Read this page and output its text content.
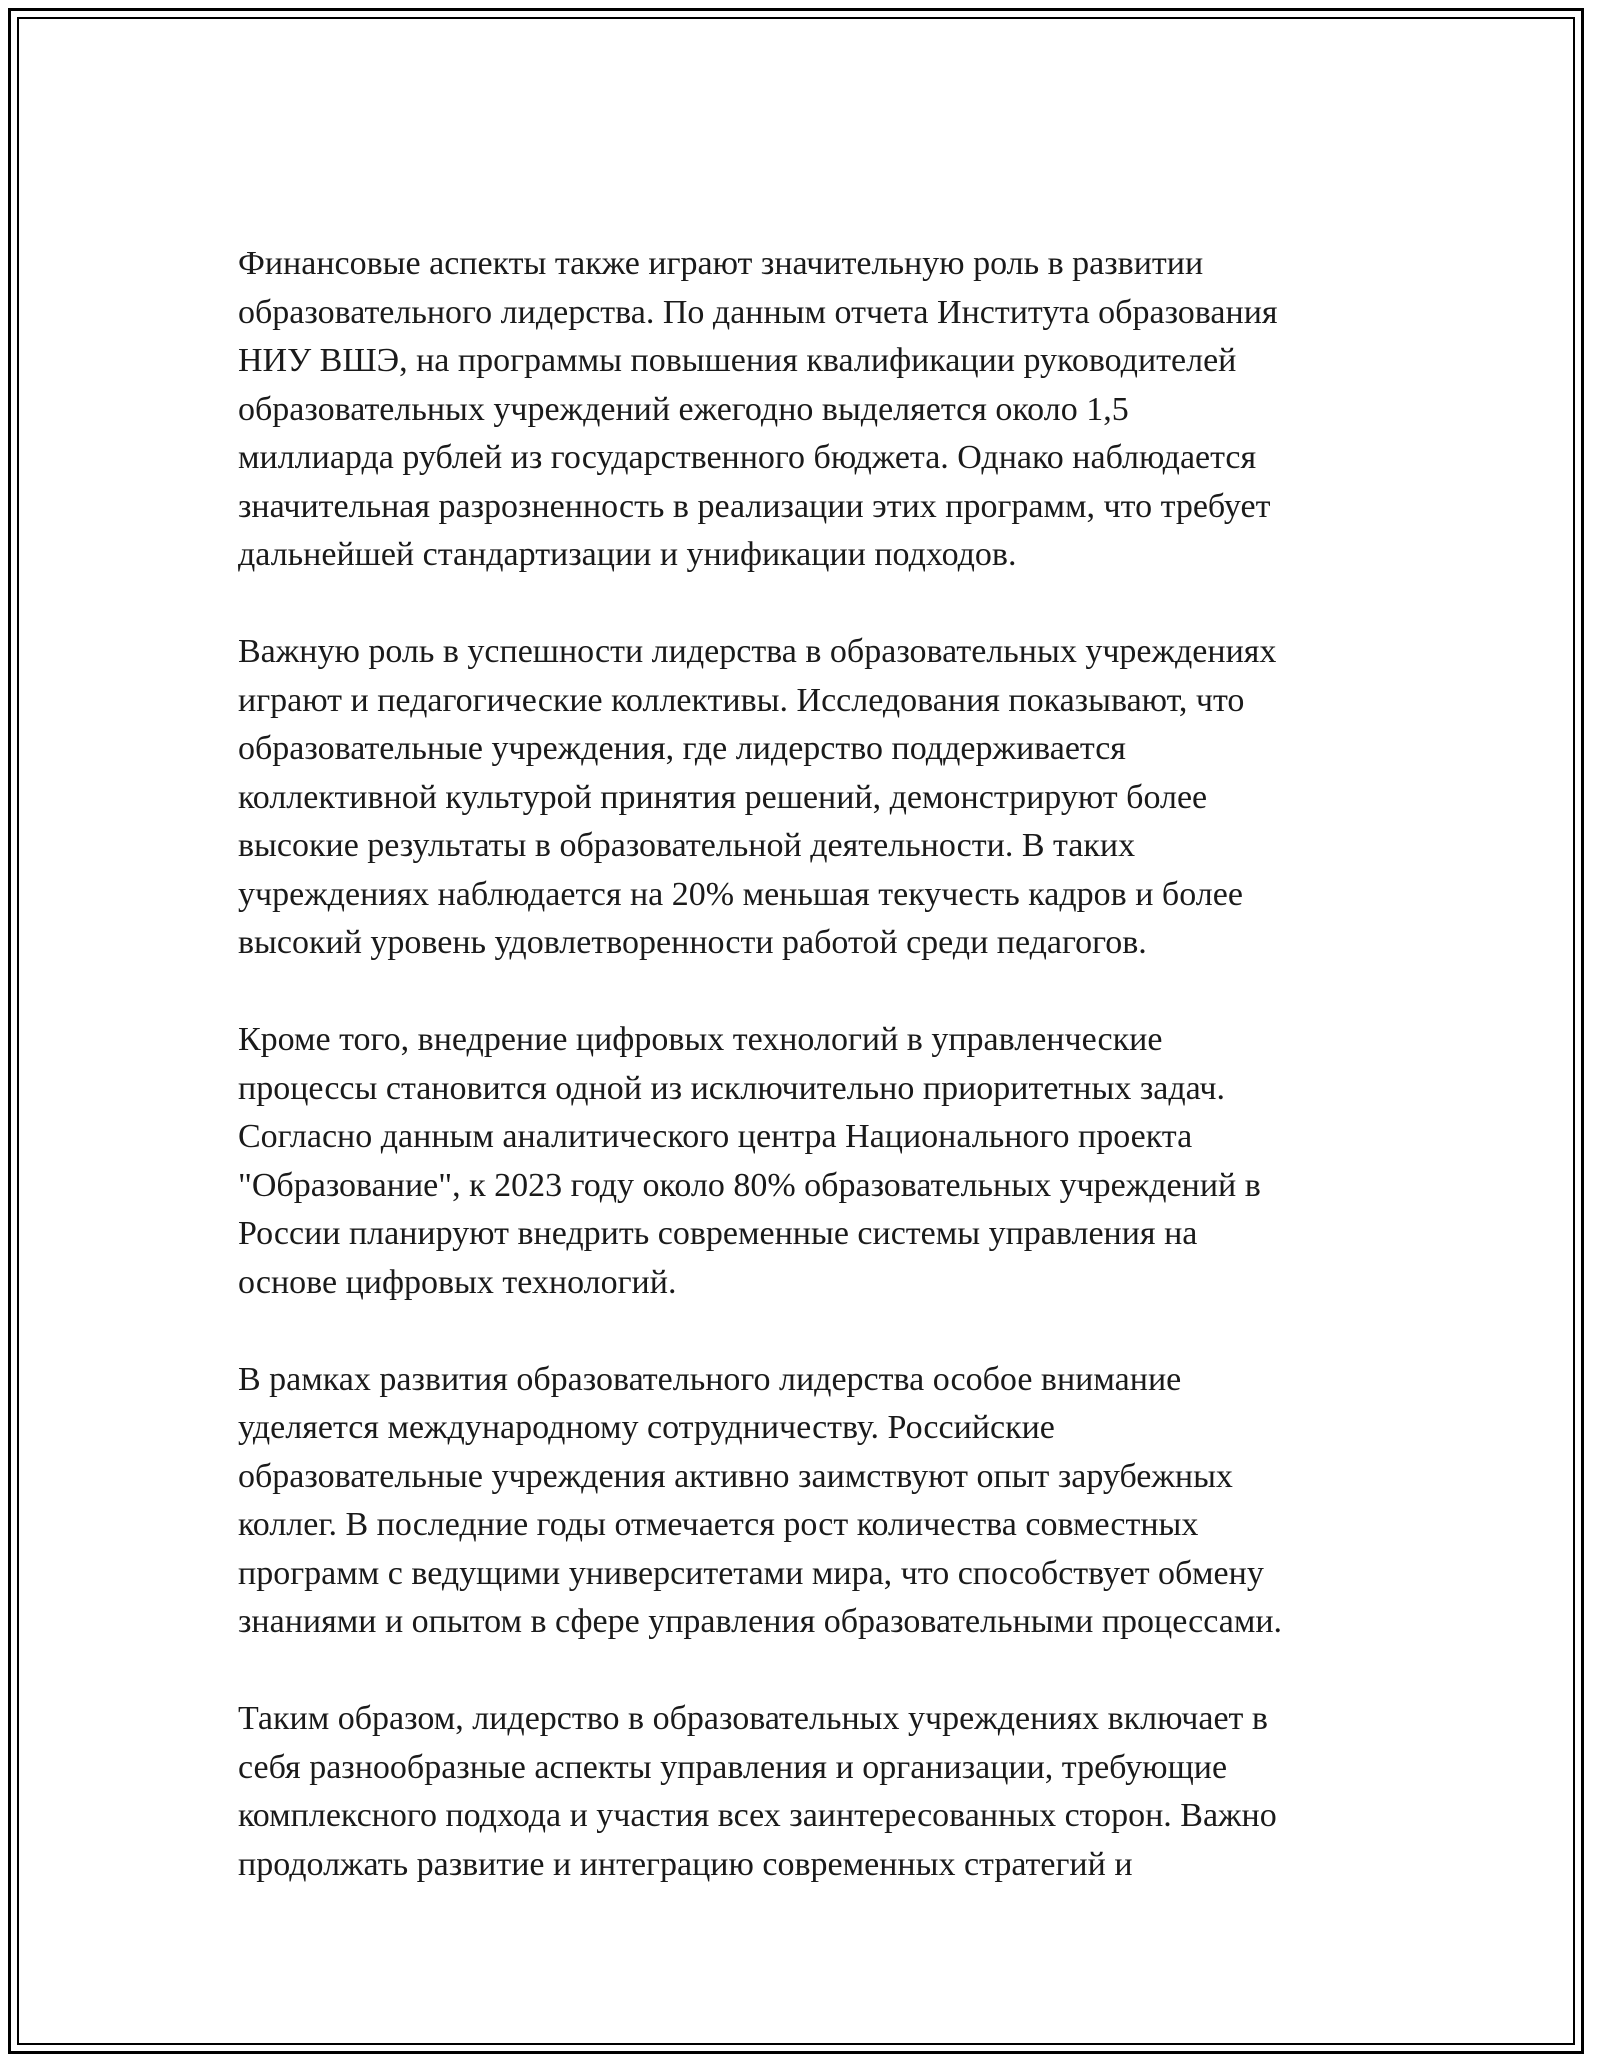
Финансовые аспекты также играют значительную роль в развитии
образовательного лидерства. По данным отчета Института образования
НИУ ВШЭ, на программы повышения квалификации руководителей
образовательных учреждений ежегодно выделяется около 1,5
миллиарда рублей из государственного бюджета. Однако наблюдается
значительная разрозненность в реализации этих программ, что требует
дальнейшей стандартизации и унификации подходов.

Важную роль в успешности лидерства в образовательных учреждениях
играют и педагогические коллективы. Исследования показывают, что
образовательные учреждения, где лидерство поддерживается
коллективной культурой принятия решений, демонстрируют более
высокие результаты в образовательной деятельности. В таких
учреждениях наблюдается на 20% меньшая текучесть кадров и более
высокий уровень удовлетворенности работой среди педагогов.

Кроме того, внедрение цифровых технологий в управленческие
процессы становится одной из исключительно приоритетных задач.
Согласно данным аналитического центра Национального проекта
"Образование", к 2023 году около 80% образовательных учреждений в
России планируют внедрить современные системы управления на
основе цифровых технологий.

В рамках развития образовательного лидерства особое внимание
уделяется международному сотрудничеству. Российские
образовательные учреждения активно заимствуют опыт зарубежных
коллег. В последние годы отмечается рост количества совместных
программ с ведущими университетами мира, что способствует обмену
знаниями и опытом в сфере управления образовательными процессами.

Таким образом, лидерство в образовательных учреждениях включает в
себя разнообразные аспекты управления и организации, требующие
комплексного подхода и участия всех заинтересованных сторон. Важно
продолжать развитие и интеграцию современных стратегий и
